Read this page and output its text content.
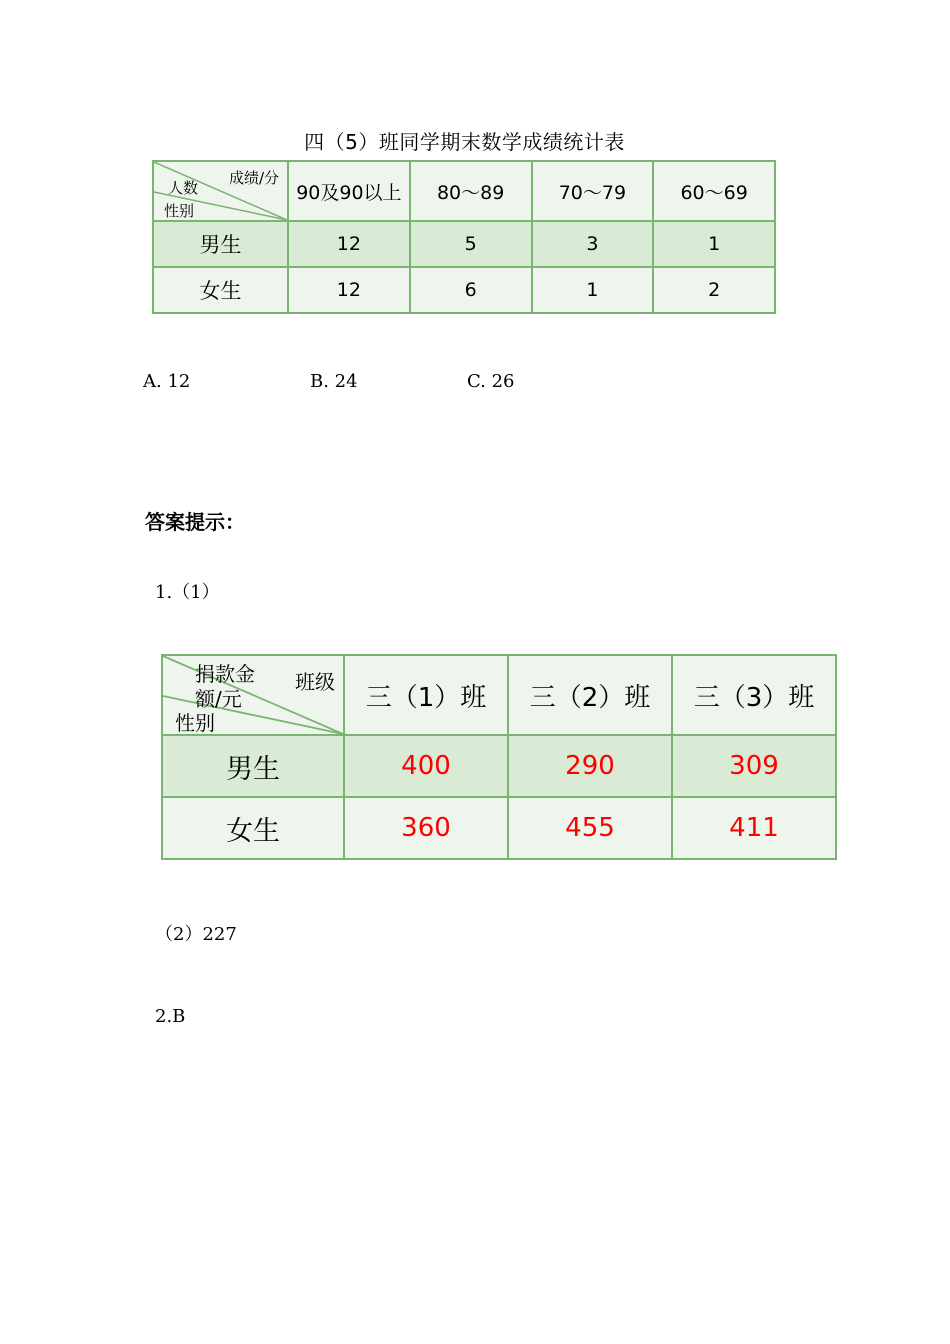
四（5）班同学期末数学成绩统计表
成绩/分
人数
性别	90及90以上	80～89	70～79	60～69
男生	12	5	3	1
女生	12	6	1	2
A. 12	B. 24	C. 26
答案提示：
1.（1）
捐款金
额/元
班级
性别	三（1）班	三（2）班	三（3）班
男生	400	290	309
女生	360	455	411
（2）227
2.B
